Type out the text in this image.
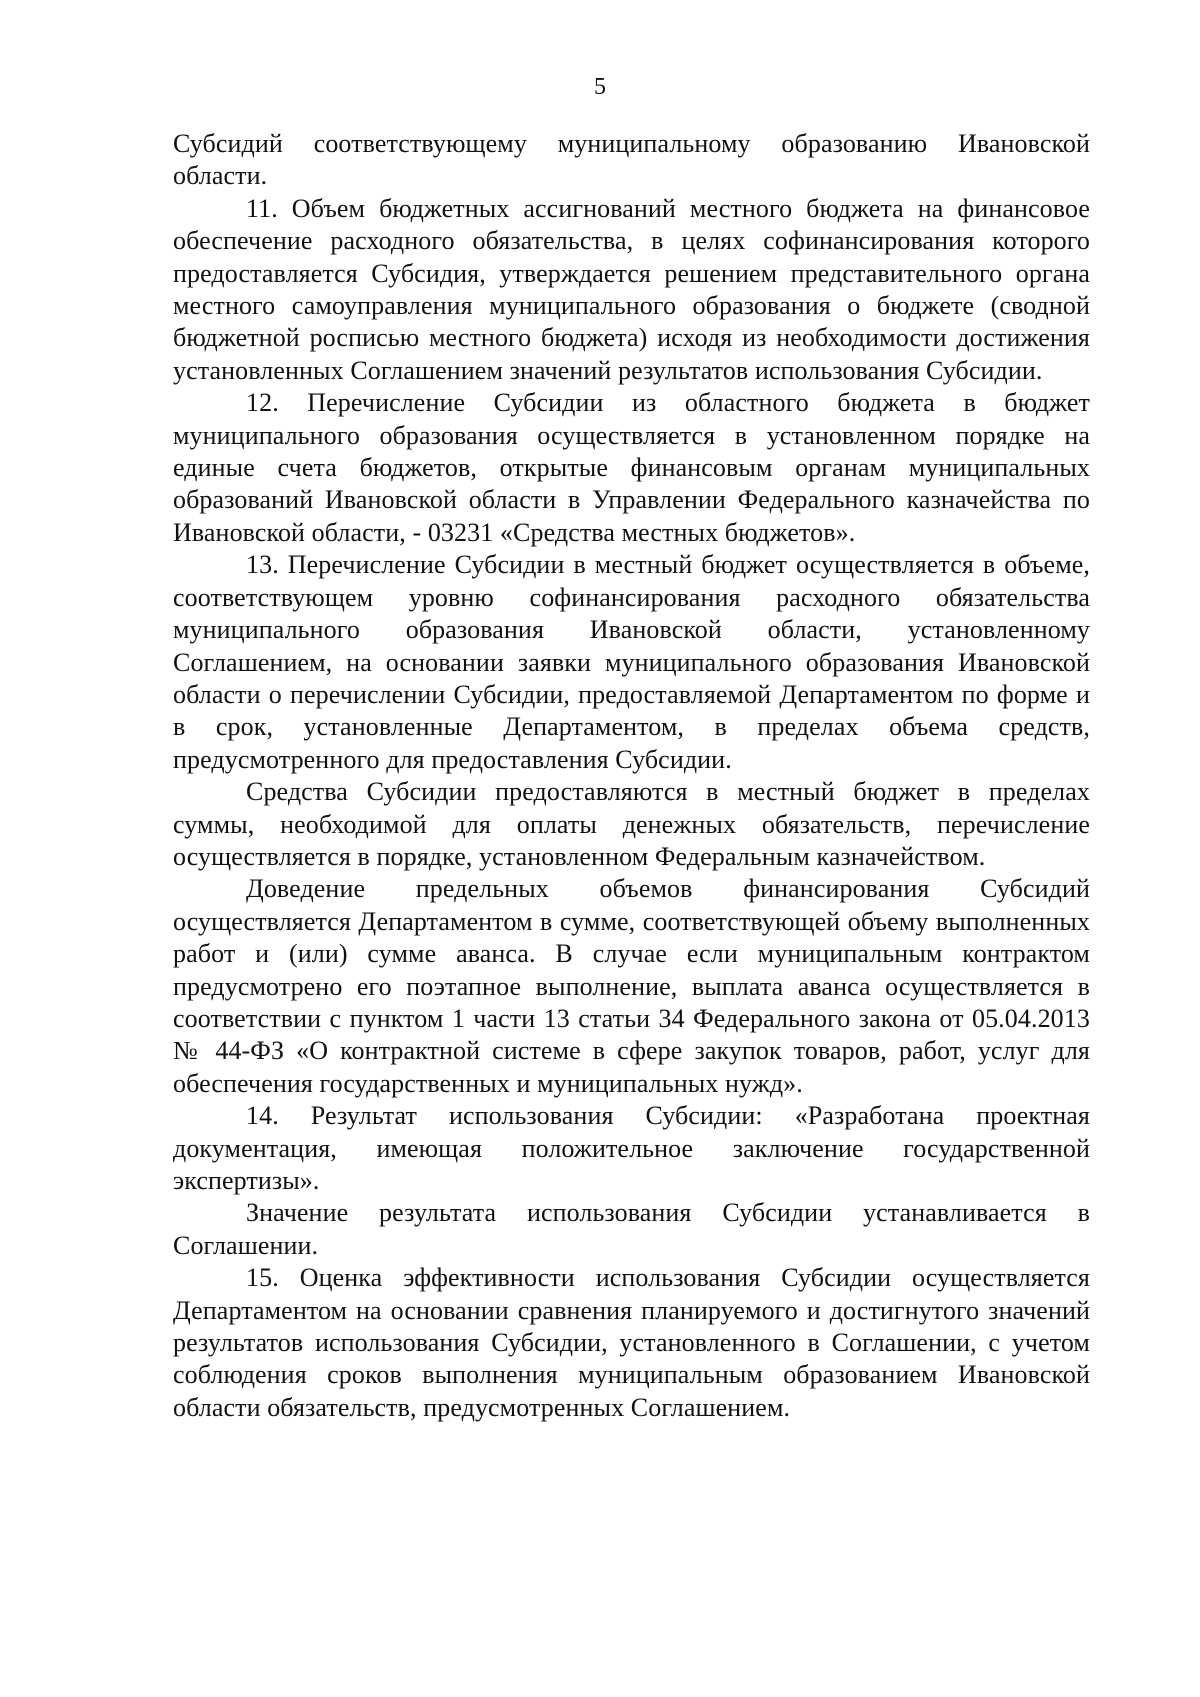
5

Субсидий соответствующему муниципальному образованию Ивановской области.

11. Объем бюджетных ассигнований местного бюджета на финансовое обеспечение расходного обязательства, в целях софинансирования которого предоставляется Субсидия, утверждается решением представительного органа местного самоуправления муниципального образования о бюджете (сводной бюджетной росписью местного бюджета) исходя из необходимости достижения установленных Соглашением значений результатов использования Субсидии.

12. Перечисление Субсидии из областного бюджета в бюджет муниципального образования осуществляется в установленном порядке на единые счета бюджетов, открытые финансовым органам муниципальных образований Ивановской области в Управлении Федерального казначейства по Ивановской области, - 03231 «Средства местных бюджетов».

13. Перечисление Субсидии в местный бюджет осуществляется в объеме, соответствующем уровню софинансирования расходного обязательства муниципального образования Ивановской области, установленному Соглашением, на основании заявки муниципального образования Ивановской области о перечислении Субсидии, предоставляемой Департаментом по форме и в срок, установленные Департаментом, в пределах объема средств, предусмотренного для предоставления Субсидии.

Средства Субсидии предоставляются в местный бюджет в пределах суммы, необходимой для оплаты денежных обязательств, перечисление осуществляется в порядке, установленном Федеральным казначейством.

Доведение предельных объемов финансирования Субсидий осуществляется Департаментом в сумме, соответствующей объему выполненных работ и (или) сумме аванса. В случае если муниципальным контрактом предусмотрено его поэтапное выполнение, выплата аванса осуществляется в соответствии с пунктом 1 части 13 статьи 34 Федерального закона от 05.04.2013 № 44-ФЗ «О контрактной системе в сфере закупок товаров, работ, услуг для обеспечения государственных и муниципальных нужд».

14. Результат использования Субсидии: «Разработана проектная документация, имеющая положительное заключение государственной экспертизы».

Значение результата использования Субсидии устанавливается в Соглашении.

15. Оценка эффективности использования Субсидии осуществляется Департаментом на основании сравнения планируемого и достигнутого значений результатов использования Субсидии, установленного в Соглашении, с учетом соблюдения сроков выполнения муниципальным образованием Ивановской области обязательств, предусмотренных Соглашением.
